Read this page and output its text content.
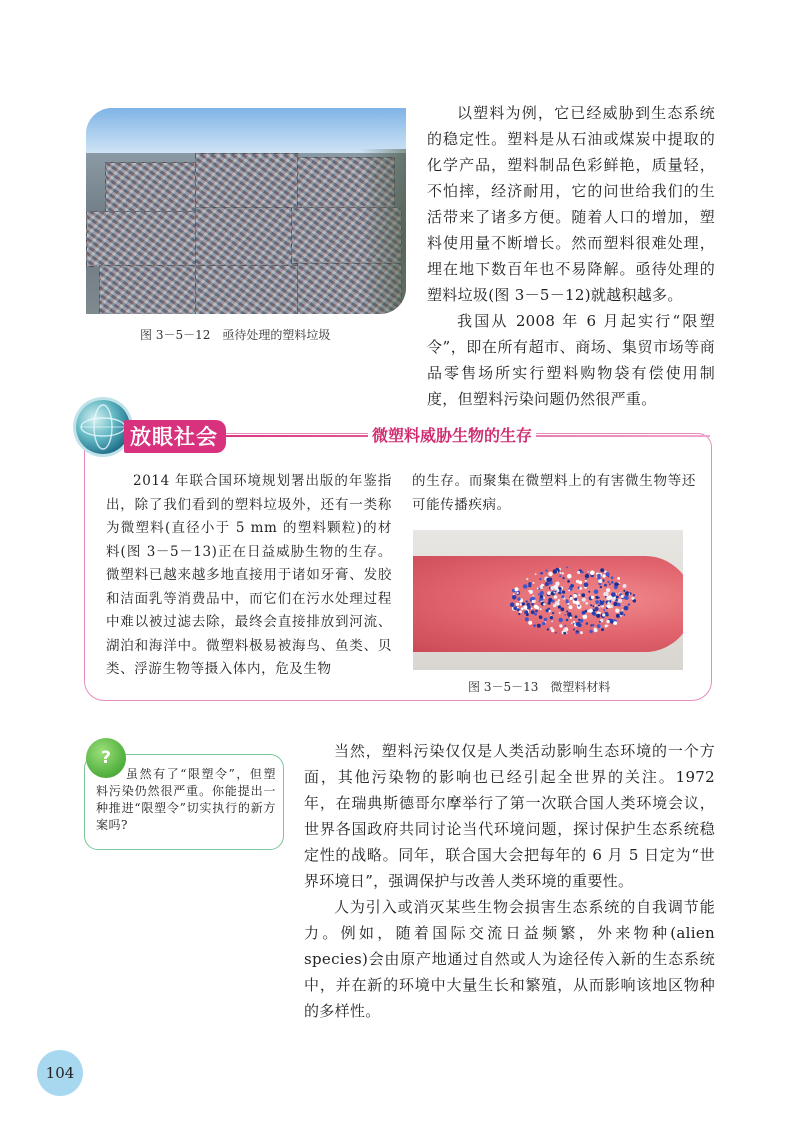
图 3－5－12　亟待处理的塑料垃圾

以塑料为例，它已经威胁到生态系统的稳定性。塑料是从石油或煤炭中提取的化学产品，塑料制品色彩鲜艳，质量轻，不怕摔，经济耐用，它的问世给我们的生活带来了诸多方便。随着人口的增加，塑料使用量不断增长。然而塑料很难处理，埋在地下数百年也不易降解。亟待处理的塑料垃圾(图 3－5－12)就越积越多。

我国从 2008 年 6 月起实行“限塑令”，即在所有超市、商场、集贸市场等商品零售场所实行塑料购物袋有偿使用制度，但塑料污染问题仍然很严重。

放眼社会	微塑料威胁生物的生存

2014 年联合国环境规划署出版的年鉴指出，除了我们看到的塑料垃圾外，还有一类称为微塑料(直径小于 5 mm 的塑料颗粒)的材料(图 3－5－13)正在日益威胁生物的生存。微塑料已越来越多地直接用于诸如牙膏、发胶和洁面乳等消费品中，而它们在污水处理过程中难以被过滤去除，最终会直接排放到河流、湖泊和海洋中。微塑料极易被海鸟、鱼类、贝类、浮游生物等摄入体内，危及生物

的生存。而聚集在微塑料上的有害微生物等还可能传播疾病。

图 3－5－13　微塑料材料
?

虽然有了“限塑令”，但塑料污染仍然很严重。你能提出一种推进“限塑令”切实执行的新方案吗?

当然，塑料污染仅仅是人类活动影响生态环境的一个方面，其他污染物的影响也已经引起全世界的关注。1972 年，在瑞典斯德哥尔摩举行了第一次联合国人类环境会议，世界各国政府共同讨论当代环境问题，探讨保护生态系统稳定性的战略。同年，联合国大会把每年的 6 月 5 日定为“世界环境日”，强调保护与改善人类环境的重要性。

人为引入或消灭某些生物会损害生态系统的自我调节能力。例如，随着国际交流日益频繁，外来物种(alien species)会由原产地通过自然或人为途径传入新的生态系统中，并在新的环境中大量生长和繁殖，从而影响该地区物种的多样性。

104
